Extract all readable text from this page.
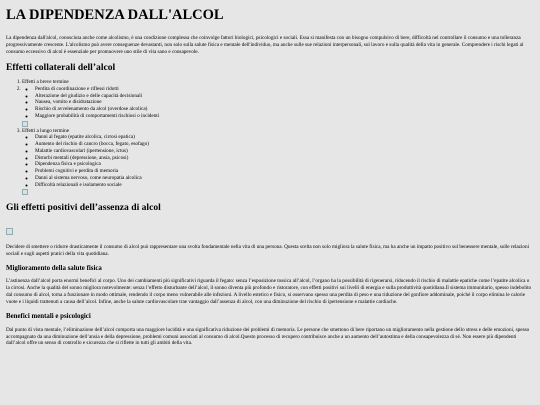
LA DIPENDENZA DALL'ALCOL

La dipendenza dall'alcol, conosciuta anche come alcolismo, è una condizione complessa che coinvolge fattori biologici, psicologici e sociali. Essa si manifesta con un bisogno compulsivo di bere, difficoltà nel controllare il consumo e una tolleranza progressivamente crescente. L'alcolismo può avere conseguenze devastanti, non solo sulla salute fisica e mentale dell'individuo, ma anche sulle sue relazioni interpersonali, sul lavoro e sulla qualità della vita in generale. Comprendere i rischi legati al consumo eccessivo di alcol è essenziale per promuovere uno stile di vita sano e consapevole.

Effetti collaterali dell’alcol
1. Effetti a breve termine
◦ 2. Perdita di coordinazione e riflessi ridotti
◦ Alterazione del giudizio e delle capacità decisionali
◦ Nausea, vomito e disidratazione
◦ Rischio di avvelenamento da alcol (overdose alcolica)
◦ Maggiore probabilità di comportamenti rischiosi o incidenti
3. Effetti a lungo termine
◦ Danni al fegato (epatite alcolica, cirrosi epatica)
◦ Aumento del rischio di cancro (bocca, fegato, esofago)
◦ Malattie cardiovascolari (ipertensione, ictus)
◦ Disturbi mentali (depressione, ansia, psicosi)
◦ Dipendenza fisica e psicologica
◦ Problemi cognitivi e perdita di memoria
◦ Danni al sistema nervoso, come neuropatia alcolica
◦ Difficoltà relazionali e isolamento sociale
Gli effetti positivi dell’assenza di alcol

Decidere di smettere o ridurre drasticamente il consumo di alcol può rappresentare una svolta fondamentale nella vita di una persona. Questa scelta non solo migliora la salute fisica, ma ha anche un impatto positivo sul benessere mentale, sulle relazioni sociali e sugli aspetti pratici della vita quotidiana.

Miglioramento della salute fisica

L’astinenza dall’alcol porta enormi benefici al corpo. Uno dei cambiamenti più significativi riguarda il fegato: senza l’esposizione tossica all’alcol, l’organo ha la possibilità di rigenerarsi, riducendo il rischio di malattie epatiche come l’epatite alcolica o la cirrosi. Anche la qualità del sonno migliora notevolmente: senza l’effetto disturbante dell’alcol, il sonno diventa più profondo e ristoratore, con effetti positivi sui livelli di energia e sulla produttività quotidiana.Il sistema immunitario, spesso indebolito dal consumo di alcol, torna a funzionare in modo ottimale, rendendo il corpo meno vulnerabile alle infezioni. A livello estetico e fisico, si osservano spesso una perdita di peso e una riduzione del gonfiore addominale, poiché il corpo elimina le calorie vuote e i liquidi trattenuti a causa dell’alcol. Infine, anche la salute cardiovascolare trae vantaggio dall’assenza di alcol, con una diminuzione del rischio di ipertensione e malattie cardiache.

Benefici mentali e psicologici

Dal punto di vista mentale, l’eliminazione dell’alcol comporta una maggiore lucidità e una significativa riduzione dei problemi di memoria. Le persone che smettono di bere riportano un miglioramento nella gestione dello stress e delle emozioni, spesso accompagnato da una diminuzione dell’ansia e della depressione, problemi comuni associati al consumo di alcol.Questo processo di recupero contribuisce anche a un aumento dell’autostima e della consapevolezza di sé. Non essere più dipendenti dall’alcol offre un senso di controllo e sicurezza che si riflette in tutti gli ambiti della vita.
